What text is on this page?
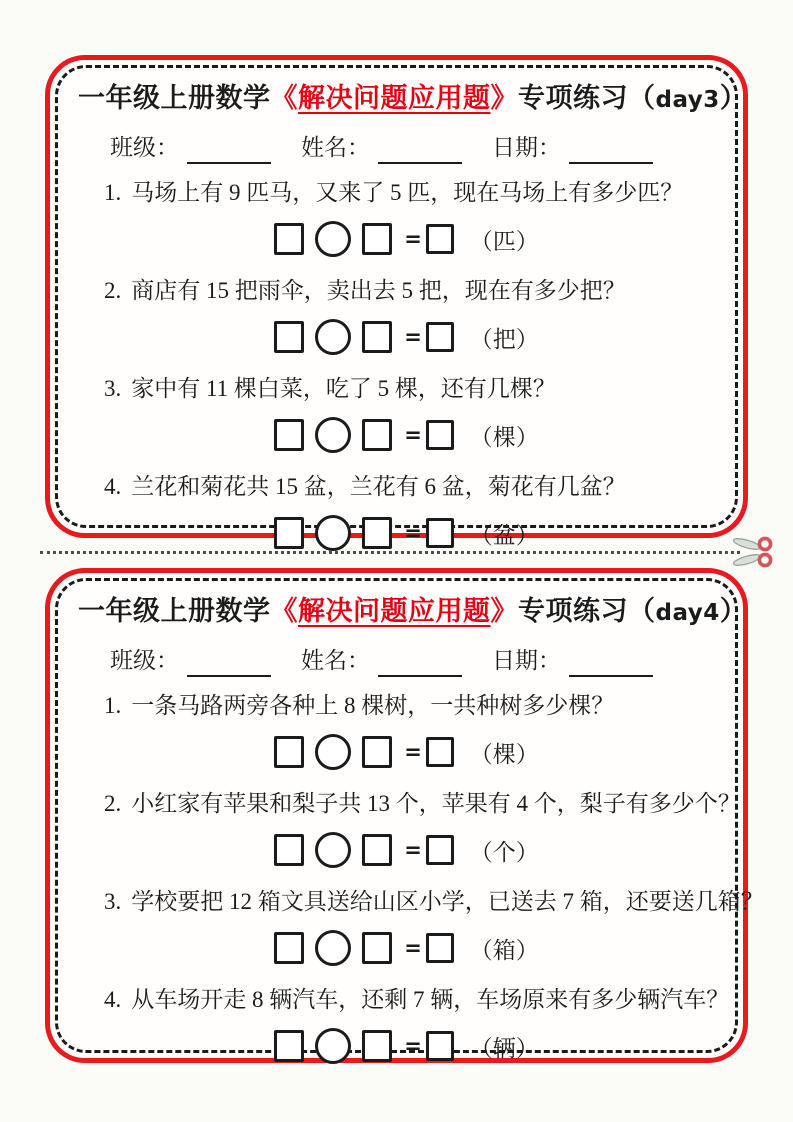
一年级上册数学《解决问题应用题》专项练习（day3）
班级：	姓名：	日期：
1. 马场上有 9 匹马，又来了 5 匹，现在马场上有多少匹？
= （匹）
2. 商店有 15 把雨伞，卖出去 5 把，现在有多少把？
= （把）
3. 家中有 11 棵白菜，吃了 5 棵，还有几棵？
= （棵）
4. 兰花和菊花共 15 盆，兰花有 6 盆，菊花有几盆？
= （盆）
一年级上册数学《解决问题应用题》专项练习（day4）
班级：	姓名：	日期：
1. 一条马路两旁各种上 8 棵树，一共种树多少棵？
= （棵）
2. 小红家有苹果和梨子共 13 个，苹果有 4 个，梨子有多少个？
= （个）
3. 学校要把 12 箱文具送给山区小学，已送去 7 箱，还要送几箱？
= （箱）
4. 从车场开走 8 辆汽车，还剩 7 辆，车场原来有多少辆汽车？
= （辆）
